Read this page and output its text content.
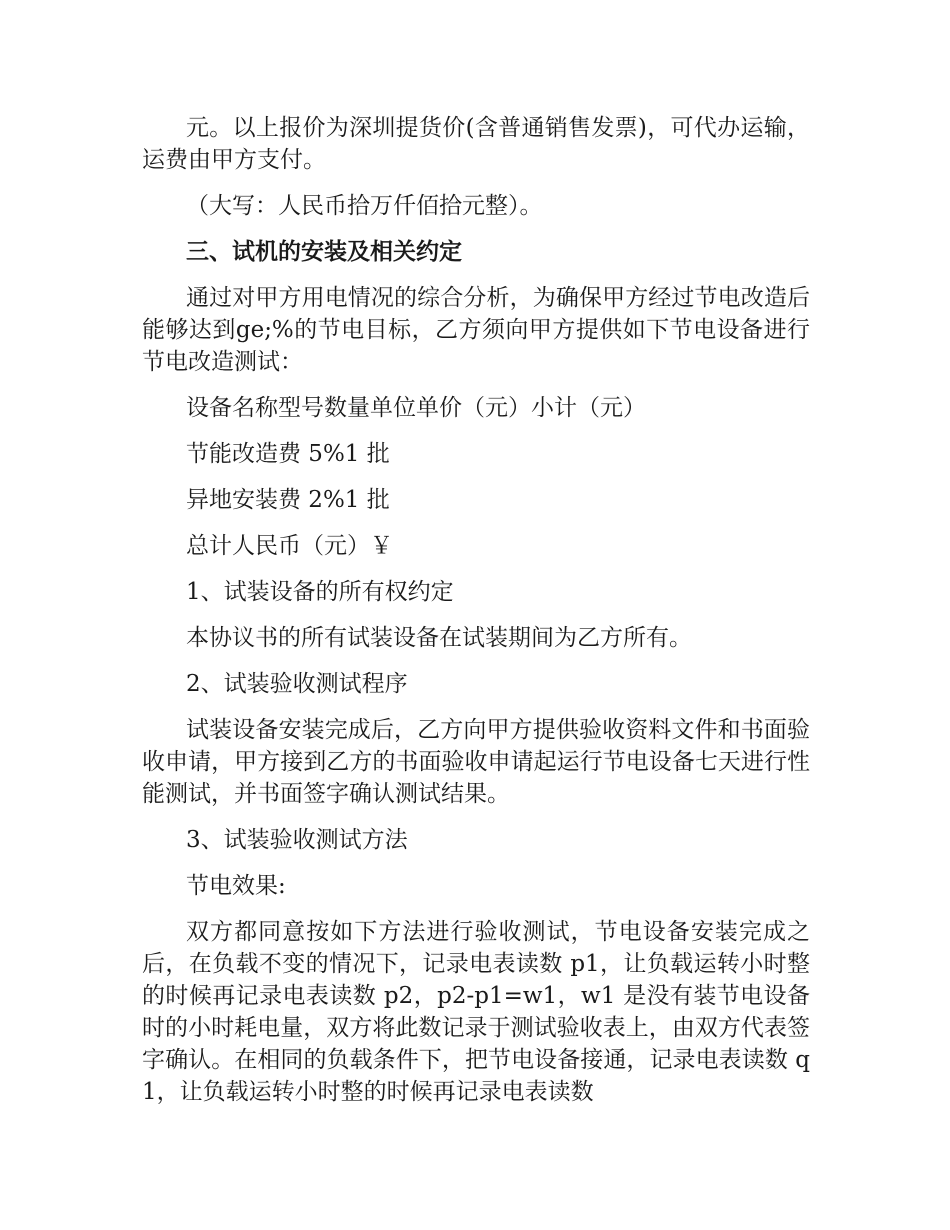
元。以上报价为深圳提货价(含普通销售发票)，可代办运输，运费由甲方支付。

（大写：人民币拾万仟佰拾元整）。

三、试机的安装及相关约定

通过对甲方用电情况的综合分析，为确保甲方经过节电改造后能够达到ge;%的节电目标，乙方须向甲方提供如下节电设备进行节电改造测试：

设备名称型号数量单位单价（元）小计（元）

节能改造费 5%1 批

异地安装费 2%1 批

总计人民币（元）￥

1、试装设备的所有权约定

本协议书的所有试装设备在试装期间为乙方所有。

2、试装验收测试程序

试装设备安装完成后，乙方向甲方提供验收资料文件和书面验收申请，甲方接到乙方的书面验收申请起运行节电设备七天进行性能测试，并书面签字确认测试结果。

3、试装验收测试方法

节电效果:

双方都同意按如下方法进行验收测试，节电设备安装完成之后，在负载不变的情况下，记录电表读数 p1，让负载运转小时整的时候再记录电表读数 p2，p2-p1=w1，w1 是没有装节电设备时的小时耗电量，双方将此数记录于测试验收表上，由双方代表签字确认。在相同的负载条件下，把节电设备接通，记录电表读数 q1，让负载运转小时整的时候再记录电表读数
